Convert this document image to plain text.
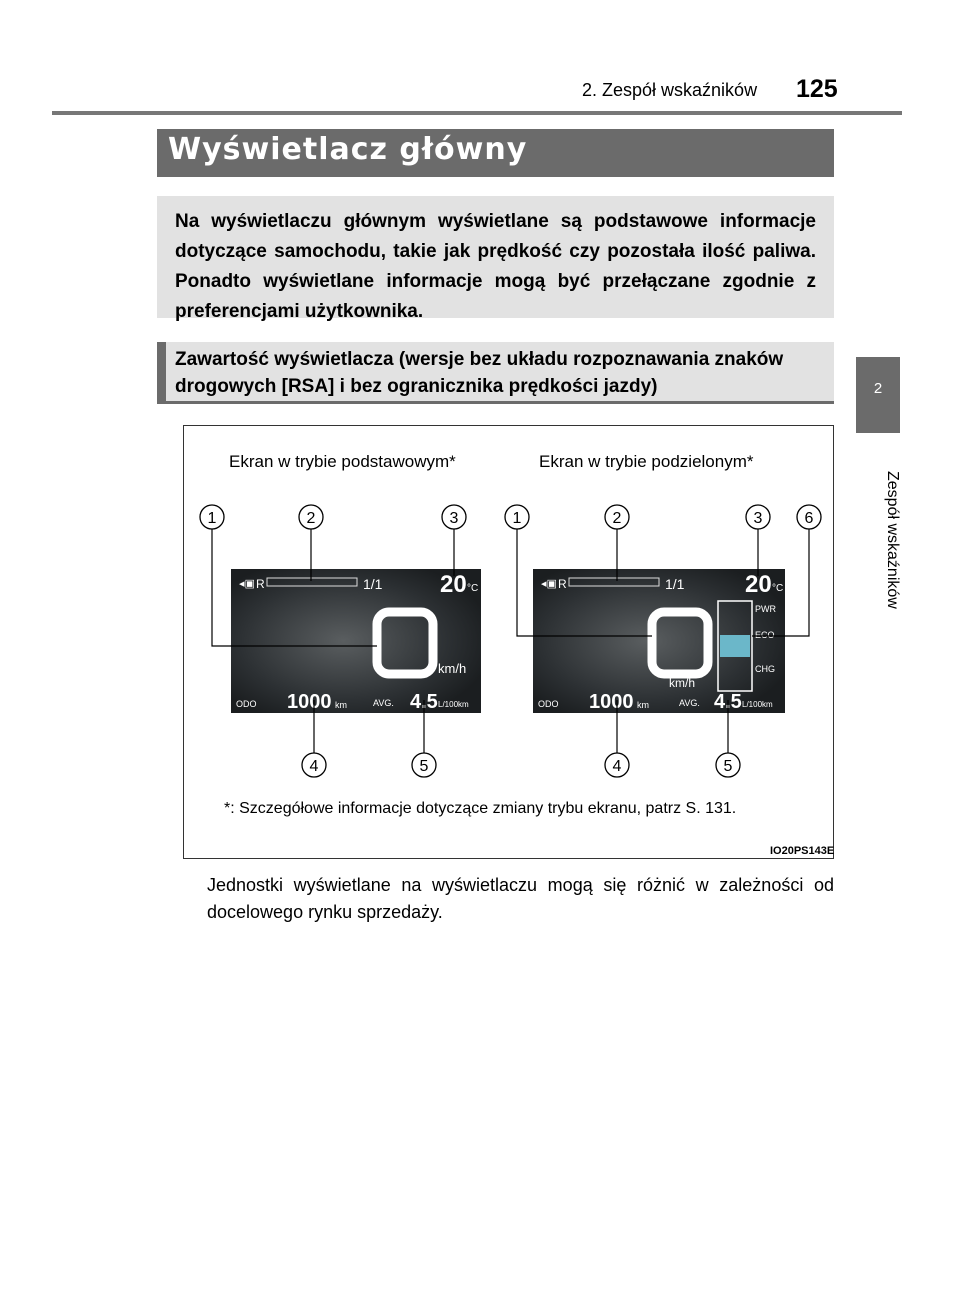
2. Zespół wskaźników 125
2
Zespół wskaźników
Wyświetlacz główny
Na wyświetlaczu głównym wyświetlane są podstawowe informacje dotyczące samochodu, takie jak prędkość czy pozostała ilość paliwa. Ponadto wyświetlane informacje mogą być przełączane zgodnie z preferencjami użytkownika.
Zawartość wyświetlacza (wersje bez układu rozpoznawania znaków drogowych [RSA] i bez ogranicznika prędkości jazdy)
Ekran w trybie podstawowym*	Ekran w trybie podzielonym*
◂▣ R	1/1 20 °C
km/h
ODO 1000 km	AVG. 4.5 L/100km
◂▣ R	1/1	20 °C
km/h
PWR
ECO
CHG
ODO 1000 km	AVG. 4.5 L/100km
1	2	3
4	5
1	2	3	6
4	5
*: Szczegółowe informacje dotyczące zmiany trybu ekranu, patrz S. 131.
IO20PS143E
Jednostki wyświetlane na wyświetlaczu mogą się różnić w zależności od docelowego rynku sprzedaży.
